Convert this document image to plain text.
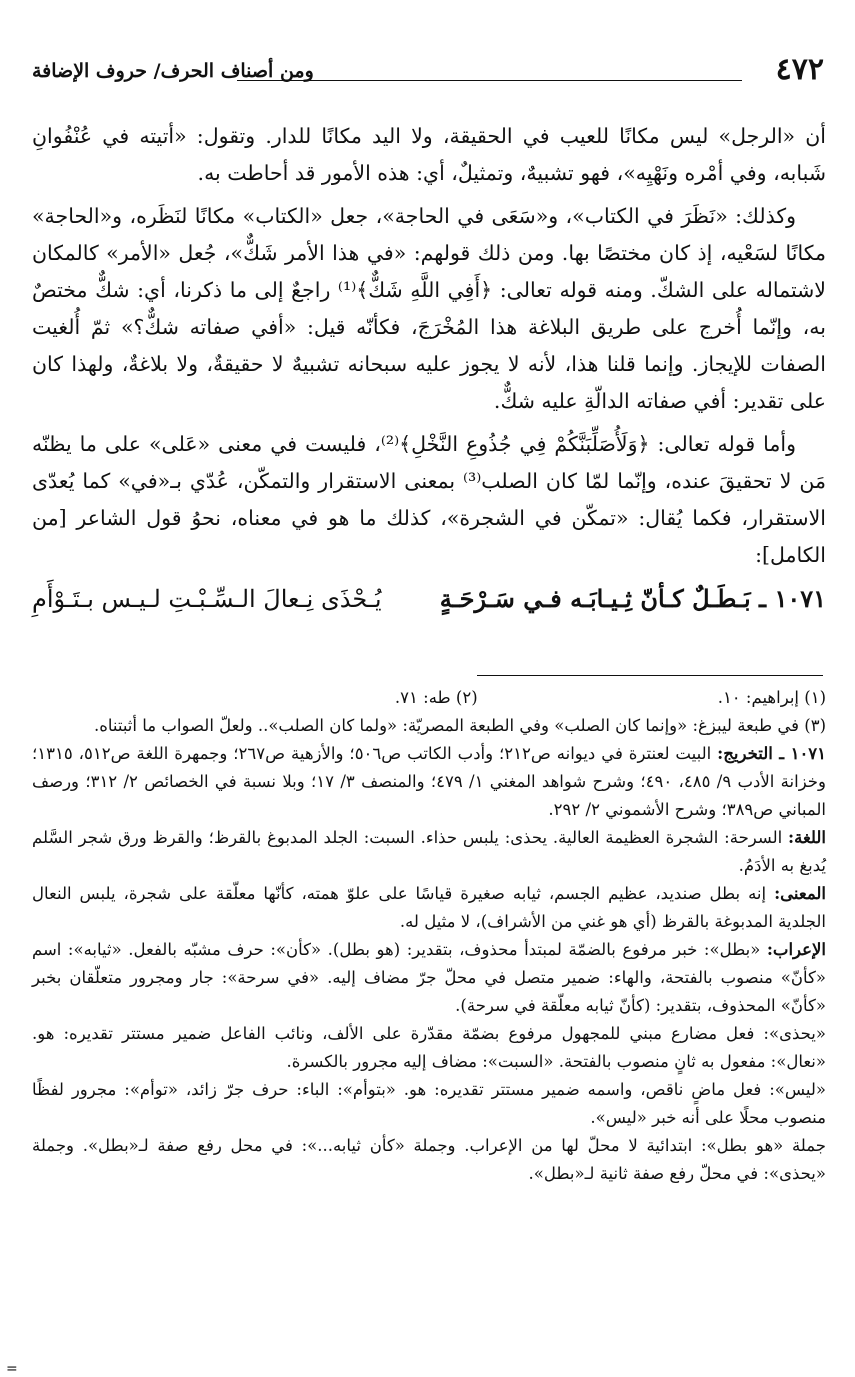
٤٧٢
ومن أصناف الحرف/ حروف الإضافة

أن «الرجل» ليس مكانًا للعيب في الحقيقة، ولا اليد مكانًا للدار. وتقول: «أتيته في عُنْفُوانِ شَبابه، وفي أمْره ونَهْيِه»، فهو تشبيهٌ، وتمثيلٌ، أي: هذه الأمور قد أحاطت به.

وكذلك: «نَظَرَ في الكتاب»، و«سَعَى في الحاجة»، جعل «الكتاب» مكانًا لنَظَره، و«الحاجة» مكانًا لسَعْيه، إذ كان مختصًا بها. ومن ذلك قولهم: «في هذا الأمر شَكٌّ»، جُعل «الأمر» كالمكان لاشتماله على الشكّ. ومنه قوله تعالى: ﴿أَفِي اللَّهِ شَكٌّ﴾⁽¹⁾ راجعٌ إلى ما ذكرنا، أي: شكٌّ مختصٌ به، وإنّما أُخرج على طريق البلاغة هذا المُخْرَجَ، فكأنّه قيل: «أفي صفاته شكٌّ؟» ثمّ أُلغيت الصفات للإيجاز. وإنما قلنا هذا، لأنه لا يجوز عليه سبحانه تشبيهٌ لا حقيقةٌ، ولا بلاغةٌ، ولهذا كان على تقدير: أفي صفاته الدالّةِ عليه شكٌّ.

وأما قوله تعالى: ﴿وَلَأُصَلِّبَنَّكُمْ فِي جُذُوعِ النَّخْلِ﴾⁽²⁾، فليست في معنى «عَلى» على ما يظنّه مَن لا تحقيقَ عنده، وإنّما لمّا كان الصلب⁽³⁾ بمعنى الاستقرار والتمكّن، عُدّي بـ«في» كما يُعدّى الاستقرار، فكما يُقال: «تمكّن في الشجرة»، كذلك ما هو في معناه، نحوُ قول الشاعر [من الكامل]:

١٠٧١ ـ بَـطَـلٌ كـأنّ ثِـيـابَـه فـي سَـرْحَـةٍ
يُـحْذَى نِـعالَ الـسِّـبْـتِ لـيـس بـتَـوْأَمِ
(١) إبراهيم: ١٠.
(٢) طه: ٧١.

(٣) في طبعة ليبزغ: «وإنما كان الصلب» وفي الطبعة المصريّة: «ولما كان الصلب».. ولعلّ الصواب ما أثبتناه.

١٠٧١ ـ التخريج: البيت لعنترة في ديوانه ص٢١٢؛ وأدب الكاتب ص٥٠٦؛ والأزهية ص٢٦٧؛ وجمهرة اللغة ص٥١٢، ١٣١٥؛ وخزانة الأدب ٩/ ٤٨٥، ٤٩٠؛ وشرح شواهد المغني ١/ ٤٧٩؛ والمنصف ٣/ ١٧؛ وبلا نسبة في الخصائص ٢/ ٣١٢؛ ورصف المباني ص٣٨٩؛ وشرح الأشموني ٢/ ٢٩٢.

اللغة: السرحة: الشجرة العظيمة العالية. يحذى: يلبس حذاء. السبت: الجلد المدبوغ بالقرظ؛ والقرظ ورق شجر السَّلم يُدبغ به الأدَمُ.

المعنى: إنه بطل صنديد، عظيم الجسم، ثيابه صغيرة قياسًا على علوّ همته، كأنّها معلّقة على شجرة، يلبس النعال الجلدية المدبوغة بالقرظ (أي هو غني من الأشراف)، لا مثيل له.

الإعراب: «بطل»: خبر مرفوع بالضمّة لمبتدأ محذوف، بتقدير: (هو بطل). «كأن»: حرف مشبّه بالفعل. «ثيابه»: اسم «كأنّ» منصوب بالفتحة، والهاء: ضمير متصل في محلّ جرّ مضاف إليه. «في سرحة»: جار ومجرور متعلّقان بخبر «كأنّ» المحذوف، بتقدير: (كأنّ ثيابه معلّقة في سرحة).

«يحذى»: فعل مضارع مبني للمجهول مرفوع بضمّة مقدّرة على الألف، ونائب الفاعل ضمير مستتر تقديره: هو. «نعال»: مفعول به ثانٍ منصوب بالفتحة. «السبت»: مضاف إليه مجرور بالكسرة.

«ليس»: فعل ماضٍ ناقص، واسمه ضمير مستتر تقديره: هو. «بتوأم»: الباء: حرف جرّ زائد، «توأم»: مجرور لفظًا منصوب محلًا على أنه خبر «ليس».

جملة «هو بطل»: ابتدائية لا محلّ لها من الإعراب. وجملة «كأن ثيابه...»: في محل رفع صفة لـ«بطل». وجملة «يحذى»: في محلّ رفع صفة ثانية لـ«بطل».

=
